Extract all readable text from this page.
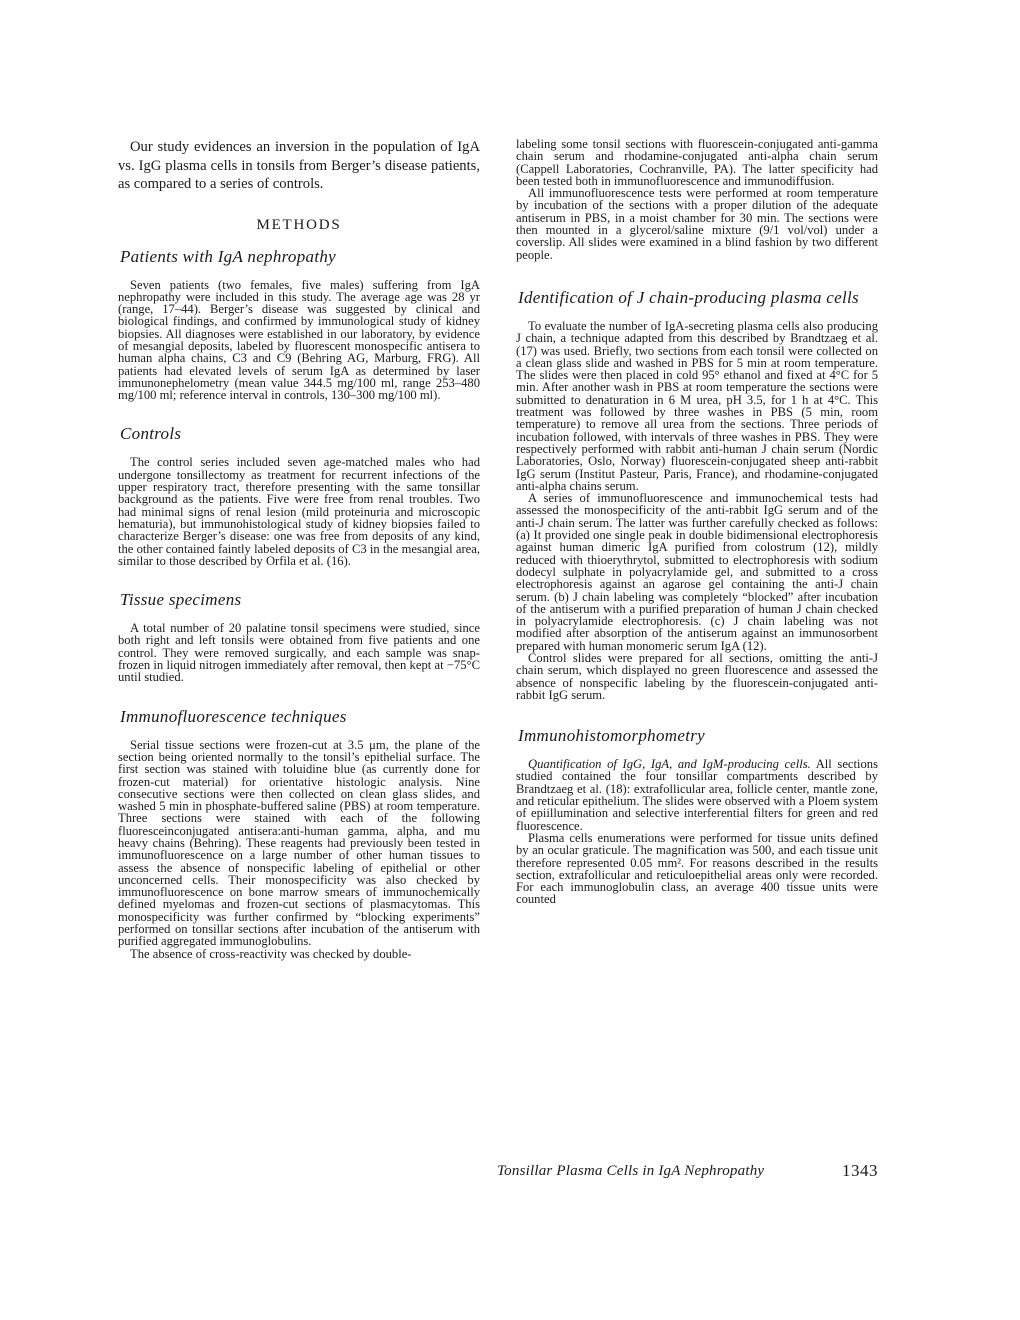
Our study evidences an inversion in the population of IgA vs. IgG plasma cells in tonsils from Berger’s disease patients, as compared to a series of controls.

METHODS
Patients with IgA nephropathy

Seven patients (two females, five males) suffering from IgA nephropathy were included in this study. The average age was 28 yr (range, 17–44). Berger’s disease was suggested by clinical and biological findings, and confirmed by immunological study of kidney biopsies. All diagnoses were established in our laboratory, by evidence of mesangial deposits, labeled by fluorescent monospecific antisera to human alpha chains, C3 and C9 (Behring AG, Marburg, FRG). All patients had elevated levels of serum IgA as determined by laser immunonephelometry (mean value 344.5 mg/100 ml, range 253–480 mg/100 ml; reference interval in controls, 130–300 mg/100 ml).

Controls

The control series included seven age-matched males who had undergone tonsillectomy as treatment for recurrent infections of the upper respiratory tract, therefore presenting with the same tonsillar background as the patients. Five were free from renal troubles. Two had minimal signs of renal lesion (mild proteinuria and microscopic hematuria), but immunohistological study of kidney biopsies failed to characterize Berger’s disease: one was free from deposits of any kind, the other contained faintly labeled deposits of C3 in the mesangial area, similar to those described by Orfila et al. (16).

Tissue specimens

A total number of 20 palatine tonsil specimens were studied, since both right and left tonsils were obtained from five patients and one control. They were removed surgically, and each sample was snap-frozen in liquid nitrogen immediately after removal, then kept at −75°C until studied.

Immunofluorescence techniques

Serial tissue sections were frozen-cut at 3.5 μm, the plane of the section being oriented normally to the tonsil’s epithelial surface. The first section was stained with toluidine blue (as currently done for frozen-cut material) for orientative histologic analysis. Nine consecutive sections were then collected on clean glass slides, and washed 5 min in phosphate-buffered saline (PBS) at room temperature. Three sections were stained with each of the following fluoresceinconjugated antisera:anti-human gamma, alpha, and mu heavy chains (Behring). These reagents had previously been tested in immunofluorescence on a large number of other human tissues to assess the absence of nonspecific labeling of epithelial or other unconcerned cells. Their monospecificity was also checked by immunofluorescence on bone marrow smears of immunochemically defined myelomas and frozen-cut sections of plasmacytomas. This monospecificity was further confirmed by “blocking experiments” performed on tonsillar sections after incubation of the antiserum with purified aggregated immunoglobulins.

The absence of cross-reactivity was checked by double-

labeling some tonsil sections with fluorescein-conjugated anti-gamma chain serum and rhodamine-conjugated anti-alpha chain serum (Cappell Laboratories, Cochranville, PA). The latter specificity had been tested both in immunofluorescence and immunodiffusion.

All immunofluorescence tests were performed at room temperature by incubation of the sections with a proper dilution of the adequate antiserum in PBS, in a moist chamber for 30 min. The sections were then mounted in a glycerol/saline mixture (9/1 vol/vol) under a coverslip. All slides were examined in a blind fashion by two different people.

Identification of J chain-producing plasma cells

To evaluate the number of IgA-secreting plasma cells also producing J chain, a technique adapted from this described by Brandtzaeg et al. (17) was used. Briefly, two sections from each tonsil were collected on a clean glass slide and washed in PBS for 5 min at room temperature. The slides were then placed in cold 95° ethanol and fixed at 4°C for 5 min. After another wash in PBS at room temperature the sections were submitted to denaturation in 6 M urea, pH 3.5, for 1 h at 4°C. This treatment was followed by three washes in PBS (5 min, room temperature) to remove all urea from the sections. Three periods of incubation followed, with intervals of three washes in PBS. They were respectively performed with rabbit anti-human J chain serum (Nordic Laboratories, Oslo, Norway) fluorescein-conjugated sheep anti-rabbit IgG serum (Institut Pasteur, Paris, France), and rhodamine-conjugated anti-alpha chains serum.

A series of immunofluorescence and immunochemical tests had assessed the monospecificity of the anti-rabbit IgG serum and of the anti-J chain serum. The latter was further carefully checked as follows: (a) It provided one single peak in double bidimensional electrophoresis against human dimeric IgA purified from colostrum (12), mildly reduced with thioerythrytol, submitted to electrophoresis with sodium dodecyl sulphate in polyacrylamide gel, and submitted to a cross electrophoresis against an agarose gel containing the anti-J chain serum. (b) J chain labeling was completely “blocked” after incubation of the antiserum with a purified preparation of human J chain checked in polyacrylamide electrophoresis. (c) J chain labeling was not modified after absorption of the antiserum against an immunosorbent prepared with human monomeric serum IgA (12).

Control slides were prepared for all sections, omitting the anti-J chain serum, which displayed no green fluorescence and assessed the absence of nonspecific labeling by the fluorescein-conjugated anti-rabbit IgG serum.

Immunohistomorphometry

Quantification of IgG, IgA, and IgM-producing cells. All sections studied contained the four tonsillar compartments described by Brandtzaeg et al. (18): extrafollicular area, follicle center, mantle zone, and reticular epithelium. The slides were observed with a Ploem system of epiillumination and selective interferential filters for green and red fluorescence.

Plasma cells enumerations were performed for tissue units defined by an ocular graticule. The magnification was 500, and each tissue unit therefore represented 0.05 mm². For reasons described in the results section, extrafollicular and reticuloepithelial areas only were recorded. For each immunoglobulin class, an average 400 tissue units were counted

Tonsillar Plasma Cells in IgA Nephropathy	1343
